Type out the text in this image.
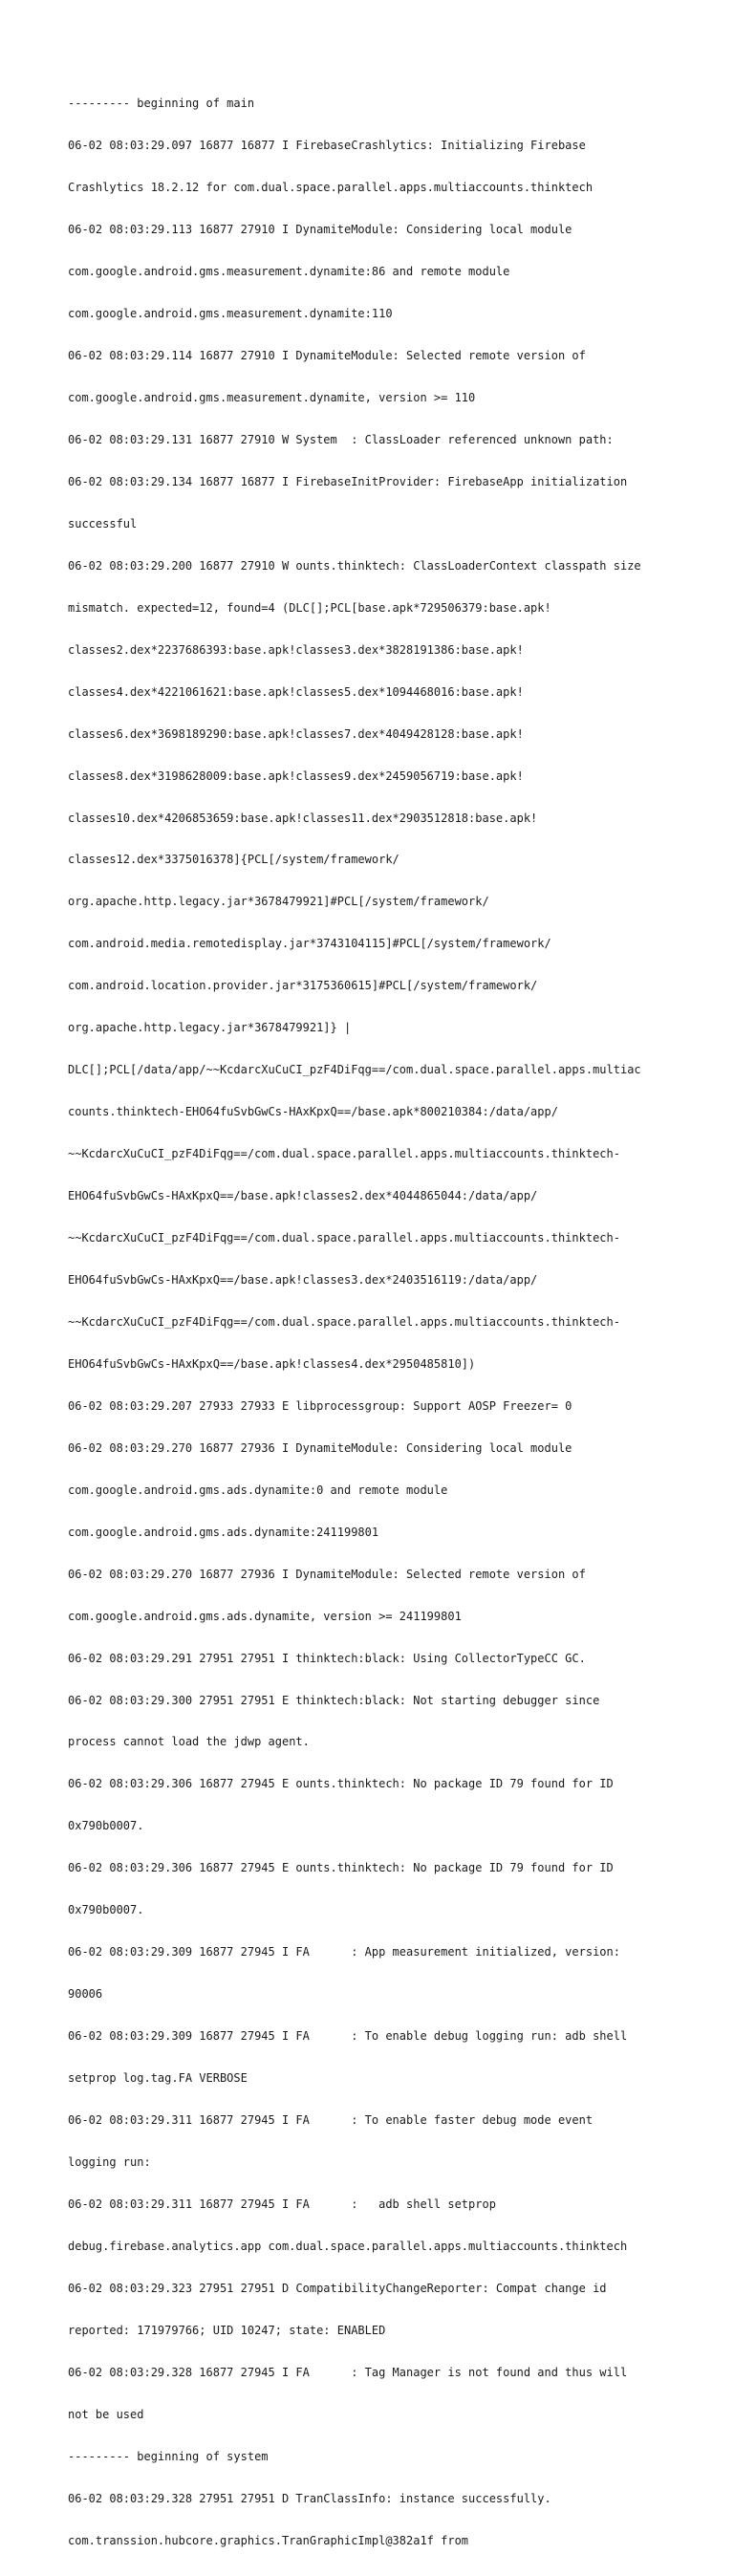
--------- beginning of main

06-02 08:03:29.097 16877 16877 I FirebaseCrashlytics: Initializing Firebase

Crashlytics 18.2.12 for com.dual.space.parallel.apps.multiaccounts.thinktech

06-02 08:03:29.113 16877 27910 I DynamiteModule: Considering local module

com.google.android.gms.measurement.dynamite:86 and remote module

com.google.android.gms.measurement.dynamite:110

06-02 08:03:29.114 16877 27910 I DynamiteModule: Selected remote version of

com.google.android.gms.measurement.dynamite, version >= 110

06-02 08:03:29.131 16877 27910 W System  : ClassLoader referenced unknown path:

06-02 08:03:29.134 16877 16877 I FirebaseInitProvider: FirebaseApp initialization

successful

06-02 08:03:29.200 16877 27910 W ounts.thinktech: ClassLoaderContext classpath size

mismatch. expected=12, found=4 (DLC[];PCL[base.apk*729506379:base.apk!

classes2.dex*2237686393:base.apk!classes3.dex*3828191386:base.apk!

classes4.dex*4221061621:base.apk!classes5.dex*1094468016:base.apk!

classes6.dex*3698189290:base.apk!classes7.dex*4049428128:base.apk!

classes8.dex*3198628009:base.apk!classes9.dex*2459056719:base.apk!

classes10.dex*4206853659:base.apk!classes11.dex*2903512818:base.apk!

classes12.dex*3375016378]{PCL[/system/framework/

org.apache.http.legacy.jar*3678479921]#PCL[/system/framework/

com.android.media.remotedisplay.jar*3743104115]#PCL[/system/framework/

com.android.location.provider.jar*3175360615]#PCL[/system/framework/

org.apache.http.legacy.jar*3678479921]} |

DLC[];PCL[/data/app/~~KcdarcXuCuCI_pzF4DiFqg==/com.dual.space.parallel.apps.multiac

counts.thinktech-EHO64fuSvbGwCs-HAxKpxQ==/base.apk*800210384:/data/app/

~~KcdarcXuCuCI_pzF4DiFqg==/com.dual.space.parallel.apps.multiaccounts.thinktech-

EHO64fuSvbGwCs-HAxKpxQ==/base.apk!classes2.dex*4044865044:/data/app/

~~KcdarcXuCuCI_pzF4DiFqg==/com.dual.space.parallel.apps.multiaccounts.thinktech-

EHO64fuSvbGwCs-HAxKpxQ==/base.apk!classes3.dex*2403516119:/data/app/

~~KcdarcXuCuCI_pzF4DiFqg==/com.dual.space.parallel.apps.multiaccounts.thinktech-

EHO64fuSvbGwCs-HAxKpxQ==/base.apk!classes4.dex*2950485810])

06-02 08:03:29.207 27933 27933 E libprocessgroup: Support AOSP Freezer= 0

06-02 08:03:29.270 16877 27936 I DynamiteModule: Considering local module

com.google.android.gms.ads.dynamite:0 and remote module

com.google.android.gms.ads.dynamite:241199801

06-02 08:03:29.270 16877 27936 I DynamiteModule: Selected remote version of

com.google.android.gms.ads.dynamite, version >= 241199801

06-02 08:03:29.291 27951 27951 I thinktech:black: Using CollectorTypeCC GC.

06-02 08:03:29.300 27951 27951 E thinktech:black: Not starting debugger since

process cannot load the jdwp agent.

06-02 08:03:29.306 16877 27945 E ounts.thinktech: No package ID 79 found for ID

0x790b0007.

06-02 08:03:29.306 16877 27945 E ounts.thinktech: No package ID 79 found for ID

0x790b0007.

06-02 08:03:29.309 16877 27945 I FA      : App measurement initialized, version:

90006

06-02 08:03:29.309 16877 27945 I FA      : To enable debug logging run: adb shell

setprop log.tag.FA VERBOSE

06-02 08:03:29.311 16877 27945 I FA      : To enable faster debug mode event

logging run:

06-02 08:03:29.311 16877 27945 I FA      :   adb shell setprop

debug.firebase.analytics.app com.dual.space.parallel.apps.multiaccounts.thinktech

06-02 08:03:29.323 27951 27951 D CompatibilityChangeReporter: Compat change id

reported: 171979766; UID 10247; state: ENABLED

06-02 08:03:29.328 16877 27945 I FA      : Tag Manager is not found and thus will

not be used

--------- beginning of system

06-02 08:03:29.328 27951 27951 D TranClassInfo: instance successfully.

com.transsion.hubcore.graphics.TranGraphicImpl@382a1f from
